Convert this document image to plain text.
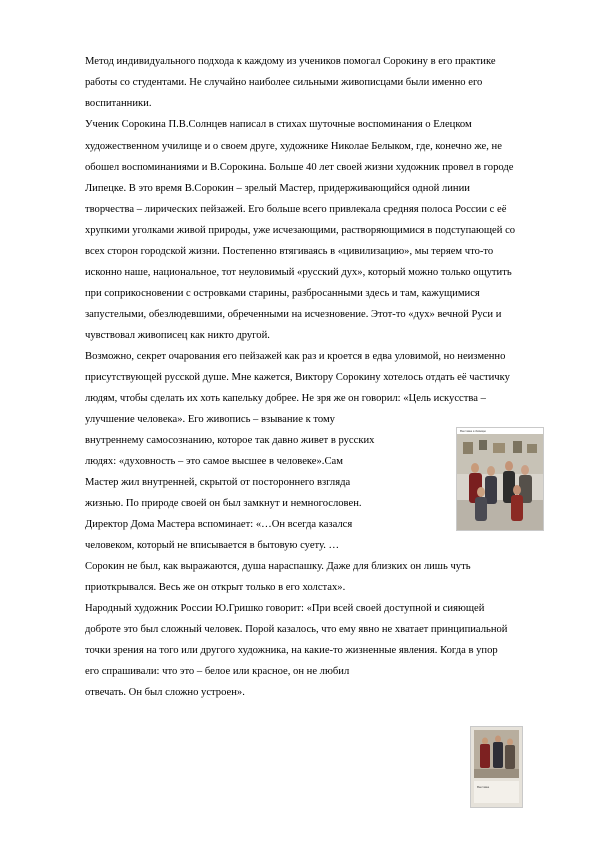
Метод индивидуального подхода к каждому из учеников помогал Сорокину в его практике
работы со студентами. Не случайно наиболее сильными живописцами были именно его
воспитанники.
Ученик Сорокина П.В.Солнцев написал в стихах шуточные воспоминания о Елецком
художественном училище и о своем друге, художнике Николае Белыком, где, конечно же, не
обошел воспоминаниями и В.Сорокина. Больше 40 лет своей жизни художник провел в городе
Липецке. В это время В.Сорокин – зрелый Мастер, придерживающийся одной линии
творчества – лирических пейзажей. Его больше всего привлекала средняя полоса России с её
хрупкими уголками живой природы, уже исчезающими, растворяющимися в подступающей со
всех сторон городской жизни. Постепенно втягиваясь в «цивилизацию», мы теряем что-то
исконно наше, национальное, тот неуловимый «русский дух», который можно только ощутить
при соприкосновении с островками старины, разбросанными здесь и там, кажущимися
запустелыми, обезлюдевшими, обреченными на исчезновение. Этот-то «дух» вечной Руси и
чувствовал живописец как никто другой.
Возможно, секрет очарования его пейзажей как раз и кроется в едва уловимой, но неизменно
присутствующей русской душе. Мне кажется, Виктору Сорокину хотелось отдать её частичку
людям, чтобы сделать их хоть капельку добрее. Не зря же он говорил: «Цель искусства –
улучшение человека». Его живопись – взывание к тому
внутреннему самосознанию, которое так давно живет в русских
людях: «духовность – это самое высшее в человеке».Сам
Мастер жил внутренней, скрытой от постороннего взгляда
жизнью. По природе своей он был замкнут и немногословен.
Директор Дома Мастера вспоминает: «…Он всегда казался
человеком, который не вписывается в бытовую суету. …
Сорокин не был, как выражаются, душа нараспашку. Даже для близких он лишь чуть
приоткрывался. Весь же он открыт только в его холстах».
Народный художник России Ю.Гришко говорит: «При всей своей доступной и сияющей
доброте это был сложный человек. Порой казалось, что ему явно не хватает принципиальной
точки зрения на того или другого художника, на какие-то жизненные явления. Когда в упор
его спрашивали: что это – белое или красное, он не любил
отвечать. Он был сложно устроен».
Выставка в Липецке
Выставка
